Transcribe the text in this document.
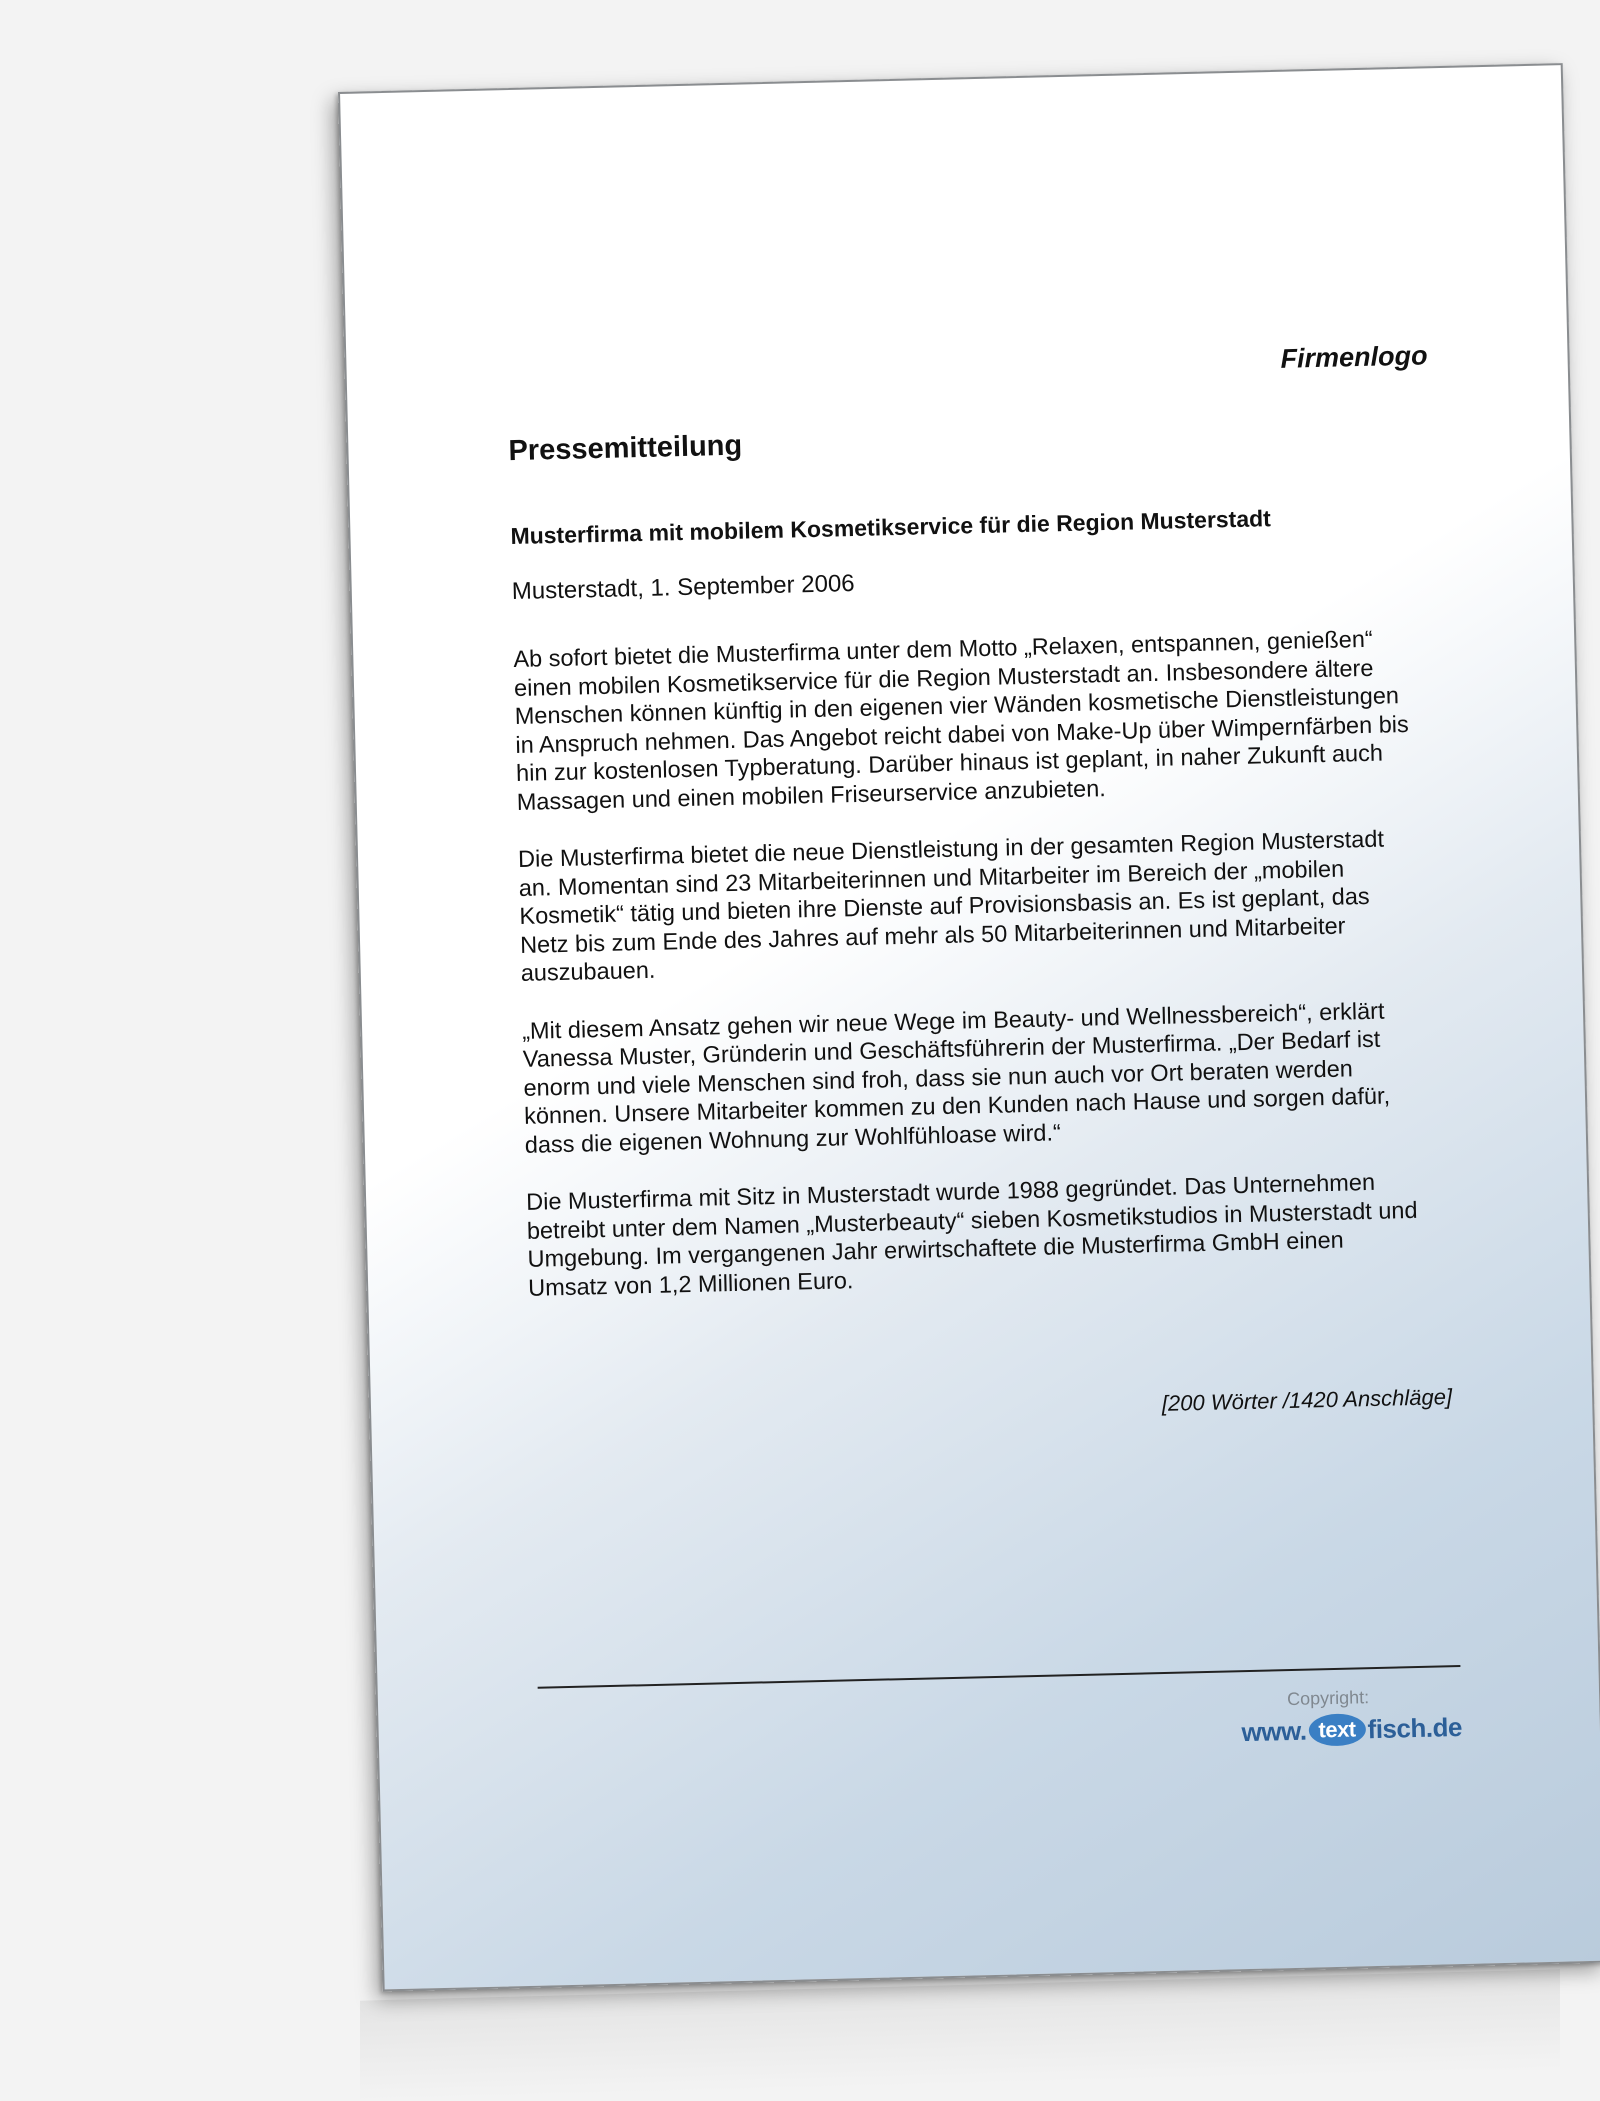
Firmenlogo
Pressemitteilung
Musterfirma mit mobilem Kosmetikservice für die Region Musterstadt
Musterstadt, 1. September 2006

Ab sofort bietet die Musterfirma unter dem Motto „Relaxen, entspannen, genießen“ einen mobilen Kosmetikservice für die Region Musterstadt an. Insbesondere ältere Menschen können künftig in den eigenen vier Wänden kosmetische Dienstleistungen in Anspruch nehmen. Das Angebot reicht dabei von Make-Up über Wimpernfärben bis hin zur kostenlosen Typberatung. Darüber hinaus ist geplant, in naher Zukunft auch Massagen und einen mobilen Friseurservice anzubieten.

Die Musterfirma bietet die neue Dienstleistung in der gesamten Region Musterstadt an. Momentan sind 23 Mitarbeiterinnen und Mitarbeiter im Bereich der „mobilen Kosmetik“ tätig und bieten ihre Dienste auf Provisionsbasis an. Es ist geplant, das Netz bis zum Ende des Jahres auf mehr als 50 Mitarbeiterinnen und Mitarbeiter auszubauen.

„Mit diesem Ansatz gehen wir neue Wege im Beauty- und Wellnessbereich“, erklärt Vanessa Muster, Gründerin und Geschäftsführerin der Musterfirma. „Der Bedarf ist enorm und viele Menschen sind froh, dass sie nun auch vor Ort beraten werden können. Unsere Mitarbeiter kommen zu den Kunden nach Hause und sorgen dafür, dass die eigenen Wohnung zur Wohlfühloase wird.“

Die Musterfirma mit Sitz in Musterstadt wurde 1988 gegründet. Das Unternehmen betreibt unter dem Namen „Musterbeauty“ sieben Kosmetikstudios in Musterstadt und Umgebung. Im vergangenen Jahr erwirtschaftete die Musterfirma GmbH einen Umsatz von 1,2 Millionen Euro.

[200 Wörter /1420 Anschläge]
Copyright:
www. text fisch .de
